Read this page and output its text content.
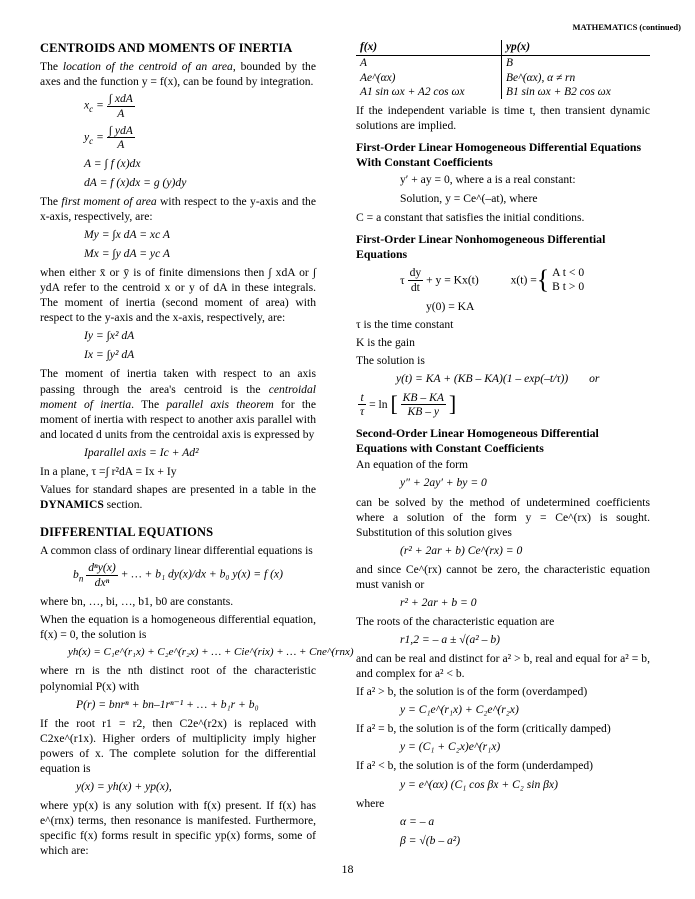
MATHEMATICS (continued)
CENTROIDS AND MOMENTS OF INERTIA

The location of the centroid of an area, bounded by the axes and the function y = f(x), can be found by integration.

$x_c = \frac{\text{∫ xdA}}{A}$
$y_c = \frac{\text{∫ ydA}}{A}$
A = ∫ f (x)dx
dA = f (x)dx = g (y)dy

The first moment of area with respect to the y-axis and the x-axis, respectively, are:

My = ∫x dA = xc A
Mx = ∫y dA = yc A

when either x̄ or ȳ is of finite dimensions then ∫ xdA or ∫ ydA refer to the centroid x or y of dA in these integrals. The moment of inertia (second moment of area) with respect to the y-axis and the x-axis, respectively, are:

Iy = ∫x² dA
Ix = ∫y² dA

The moment of inertia taken with respect to an axis passing through the area's centroid is the centroidal moment of inertia. The parallel axis theorem for the moment of inertia with respect to another axis parallel with and located d units from the centroidal axis is expressed by

Iparallel axis = Ic + Ad²

In a plane, τ =∫ r²dA = Ix + Iy

Values for standard shapes are presented in a table in the DYNAMICS section.

DIFFERENTIAL EQUATIONS

A common class of ordinary linear differential equations is

$b_n \frac{\text{dⁿy(x)}}{\text{dxⁿ}}$ + … + b₁ dy(x)/dx + b₀ y(x) = f (x)

where bn, …, bi, …, b1, b0 are constants.

When the equation is a homogeneous differential equation, f(x) = 0, the solution is

yh(x) = C₁e^(r₁x) + C₂e^(r₂x) + … + Cie^(rix) + … + Cne^(rnx)

where rn is the nth distinct root of the characteristic polynomial P(x) with

P(r) = bnrⁿ + bn–1rⁿ⁻¹ + … + b₁r + b₀

If the root r1 = r2, then C2e^(r2x) is replaced with C2xe^(r1x). Higher orders of multiplicity imply higher powers of x. The complete solution for the differential equation is

y(x) = yh(x) + yp(x),

where yp(x) is any solution with f(x) present. If f(x) has e^(rnx) terms, then resonance is manifested. Furthermore, specific f(x) forms result in specific yp(x) forms, some of which are:

f(x)	yp(x)
A	B
Ae^(αx)	Be^(αx), α ≠ rn
A1 sin ωx + A2 cos ωx	B1 sin ωx + B2 cos ωx

If the independent variable is time t, then transient dynamic solutions are implied.

First-Order Linear Homogeneous Differential Equations With Constant Coefficients
y′ + ay = 0, where a is a real constant:
Solution, y = Ce^(–at), where

C = a constant that satisfies the initial conditions.

First-Order Linear Nonhomogeneous Differential Equations
τ $\frac{dy}{dt} + y = Kx(t)$	x(t) ={ A t < 0
B t > 0
y(0) = KA

τ is the time constant

K is the gain

The solution is

y(t) = KA + (KB – KA)(1 – exp(–t/τ)) or
$\frac{t}{\tau} = \ln$ [ $\frac{KB - KA}{KB - y}$ ]
Second-Order Linear Homogeneous Differential Equations with Constant Coefficients

An equation of the form

y″ + 2ay′ + by = 0

can be solved by the method of undetermined coefficients where a solution of the form y = Ce^(rx) is sought. Substitution of this solution gives

(r² + 2ar + b) Ce^(rx) = 0

and since Ce^(rx) cannot be zero, the characteristic equation must vanish or

r² + 2ar + b = 0

The roots of the characteristic equation are

r1,2 = – a ± √(a² – b)

and can be real and distinct for a² > b, real and equal for a² = b, and complex for a² < b.

If a² > b, the solution is of the form (overdamped)

y = C₁e^(r₁x) + C₂e^(r₂x)

If a² = b, the solution is of the form (critically damped)

y = (C₁ + C₂x)e^(r₁x)

If a² < b, the solution is of the form (underdamped)

y = e^(αx) (C₁ cos βx + C₂ sin βx)

where

α = – a
β = √(b – a²)
18
